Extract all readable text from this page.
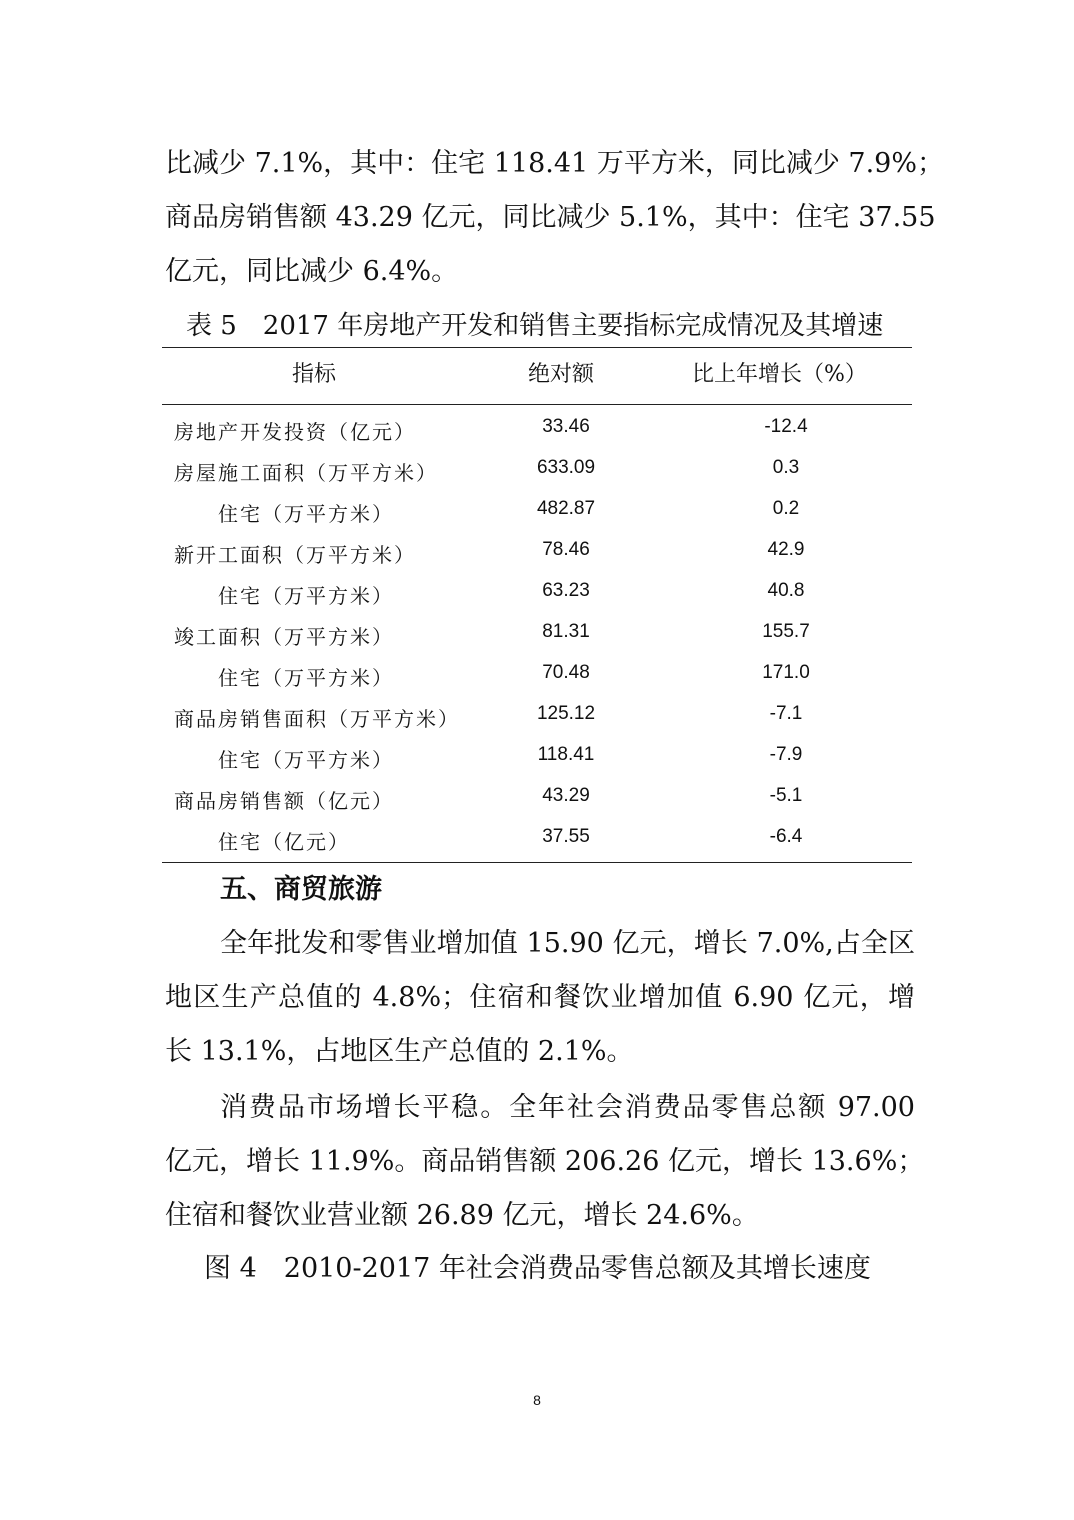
比减少 7.1%，其中：住宅 118.41 万平方米，同比减少 7.9%；
商品房销售额 43.29 亿元，同比减少 5.1%，其中：住宅 37.55
亿元，同比减少 6.4%。
表 5　2017 年房地产开发和销售主要指标完成情况及其增速
指标	绝对额	比上年增长（%）
房地产开发投资（亿元）	33.46	-12.4
房屋施工面积（万平方米）	633.09	0.3
住宅（万平方米）	482.87	0.2
新开工面积（万平方米）	78.46	42.9
住宅（万平方米）	63.23	40.8
竣工面积（万平方米）	81.31	155.7
住宅（万平方米）	70.48	171.0
商品房销售面积（万平方米）	125.12	-7.1
住宅（万平方米）	118.41	-7.9
商品房销售额（亿元）	43.29	-5.1
住宅（亿元）	37.55	-6.4
五、商贸旅游
全年批发和零售业增加值 15.90 亿元，增长 7.0%,占全区
地区生产总值的 4.8%；住宿和餐饮业增加值 6.90 亿元，增
长 13.1%，占地区生产总值的 2.1%。
消费品市场增长平稳。全年社会消费品零售总额 97.00
亿元，增长 11.9%。商品销售额 206.26 亿元，增长 13.6%；
住宿和餐饮业营业额 26.89 亿元，增长 24.6%。
图 4　2010-2017 年社会消费品零售总额及其增长速度
8
